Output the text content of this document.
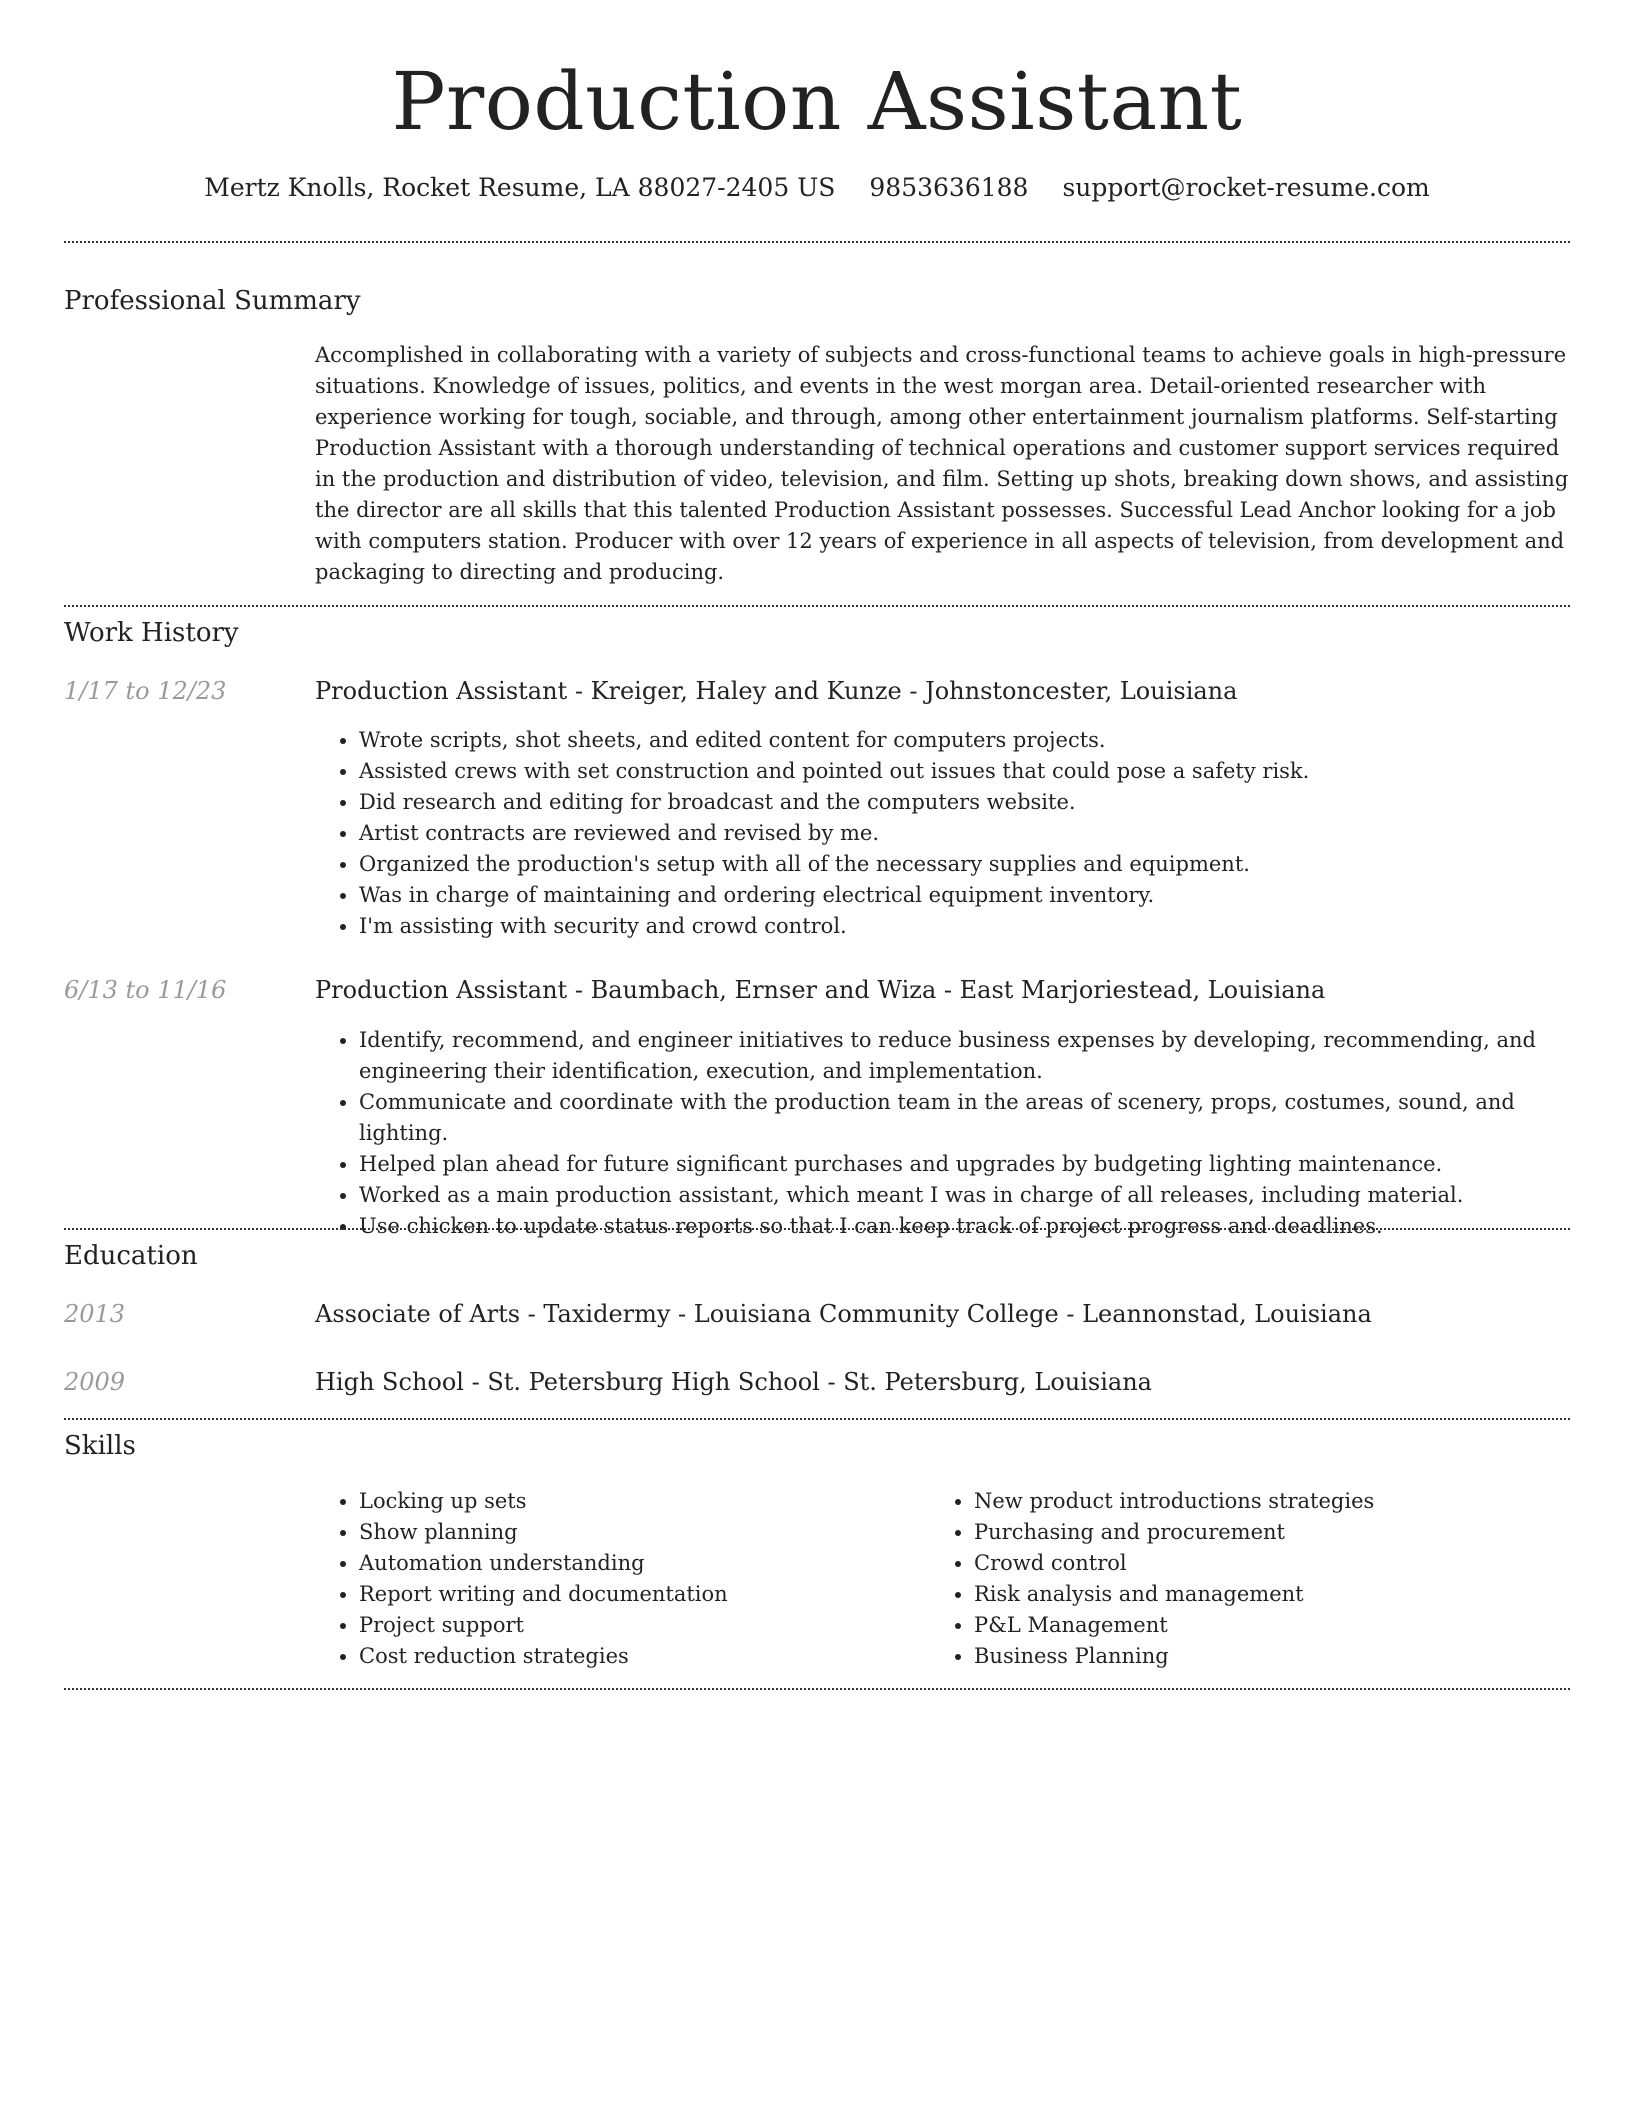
Production Assistant
Mertz Knolls, Rocket Resume, LA 88027-2405 US 9853636188 support@rocket-resume.com
Professional Summary

Accomplished in collaborating with a variety of subjects and cross-functional teams to achieve goals in high-pressure situations. Knowledge of issues, politics, and events in the west morgan area. Detail-oriented researcher with experience working for tough, sociable, and through, among other entertainment journalism platforms. Self-starting Production Assistant with a thorough understanding of technical operations and customer support services required in the production and distribution of video, television, and film. Setting up shots, breaking down shows, and assisting the director are all skills that this talented Production Assistant possesses. Successful Lead Anchor looking for a job with computers station. Producer with over 12 years of experience in all aspects of television, from development and packaging to directing and producing.

Work History
1/17 to 12/23	Production Assistant - Kreiger, Haley and Kunze - Johnstoncester, Louisiana
• Wrote scripts, shot sheets, and edited content for computers projects.
• Assisted crews with set construction and pointed out issues that could pose a safety risk.
• Did research and editing for broadcast and the computers website.
• Artist contracts are reviewed and revised by me.
• Organized the production's setup with all of the necessary supplies and equipment.
• Was in charge of maintaining and ordering electrical equipment inventory.
• I'm assisting with security and crowd control.
6/13 to 11/16	Production Assistant - Baumbach, Ernser and Wiza - East Marjoriestead, Louisiana
• Identify, recommend, and engineer initiatives to reduce business expenses by developing, recommending, and engineering their identification, execution, and implementation.
• Communicate and coordinate with the production team in the areas of scenery, props, costumes, sound, and lighting.
• Helped plan ahead for future significant purchases and upgrades by budgeting lighting maintenance.
• Worked as a main production assistant, which meant I was in charge of all releases, including material.
• Use chicken to update status reports so that I can keep track of project progress and deadlines.
Education
2013	Associate of Arts - Taxidermy - Louisiana Community College - Leannonstad, Louisiana
2009	High School - St. Petersburg High School - St. Petersburg, Louisiana
Skills
• Locking up sets
• Show planning
• Automation understanding
• Report writing and documentation
• Project support
• Cost reduction strategies
• New product introductions strategies
• Purchasing and procurement
• Crowd control
• Risk analysis and management
• P&L Management
• Business Planning
